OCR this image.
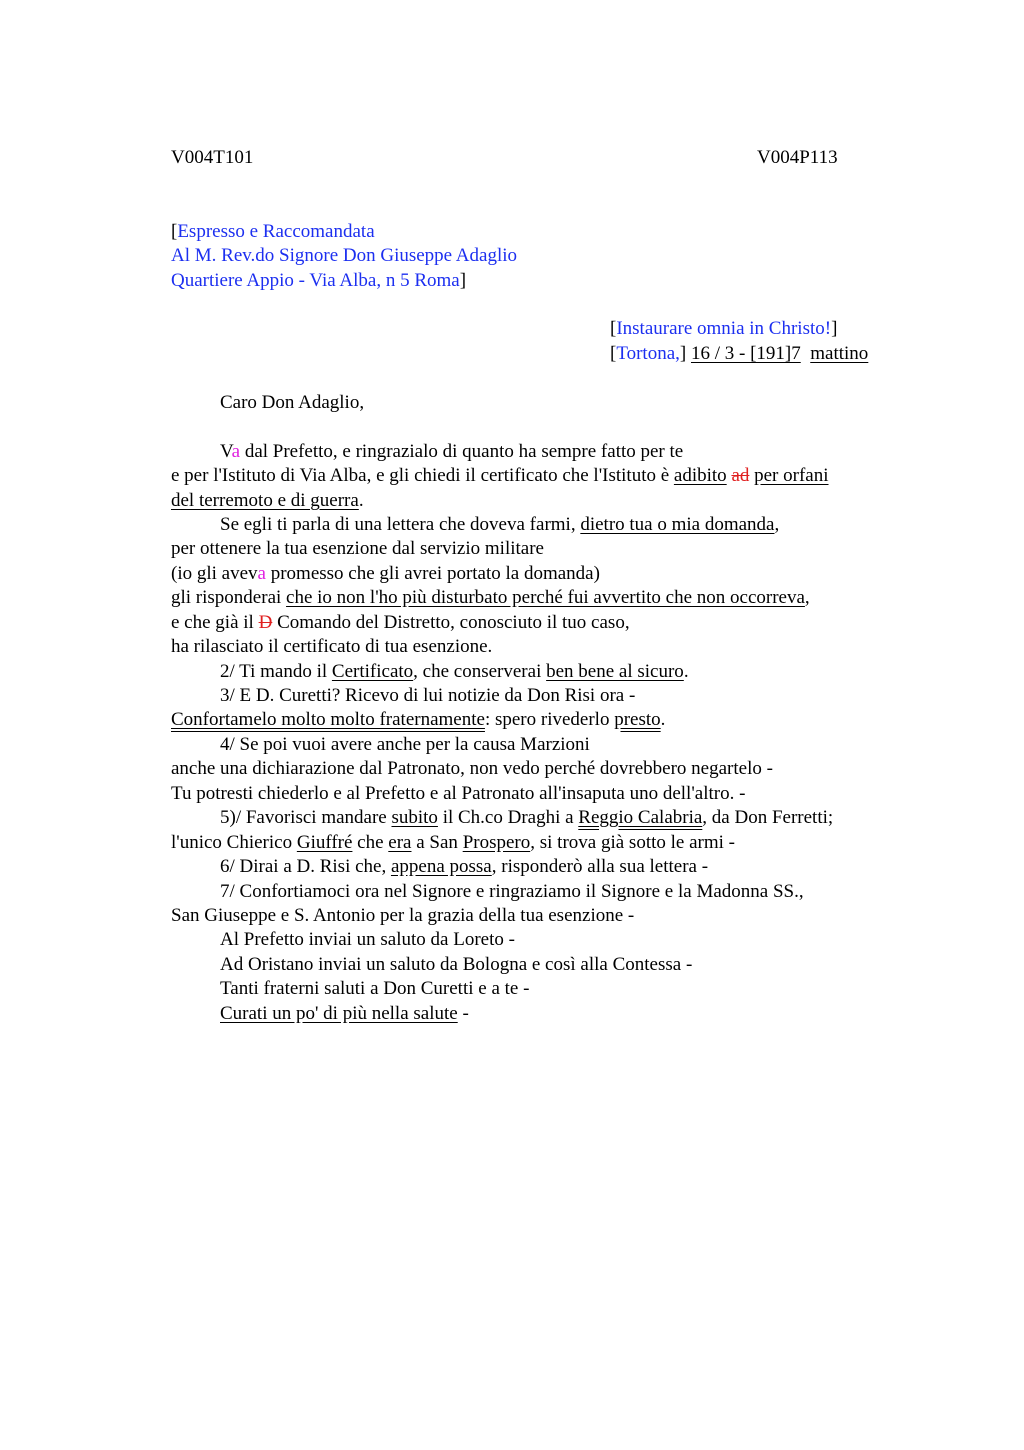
V004T101	V004P113
[Espresso e Raccomandata
Al M. Rev.do Signore Don Giuseppe Adaglio
Quartiere Appio - Via Alba, n 5 Roma]
[Instaurare omnia in Christo!]
[Tortona,] 16 / 3 - [191]7 mattino
Caro Don Adaglio,
Va dal Prefetto, e ringrazialo di quanto ha sempre fatto per te
e per l'Istituto di Via Alba, e gli chiedi il certificato che l'Istituto è adibito ad per orfani
del terremoto e di guerra.
Se egli ti parla di una lettera che doveva farmi, dietro tua o mia domanda,
per ottenere la tua esenzione dal servizio militare
(io gli aveva promesso che gli avrei portato la domanda)
gli risponderai che io non l'ho più disturbato perché fui avvertito che non occorreva,
e che già il D Comando del Distretto, conosciuto il tuo caso,
ha rilasciato il certificato di tua esenzione.
2/ Ti mando il Certificato, che conserverai ben bene al sicuro.
3/ E D. Curetti? Ricevo di lui notizie da Don Risi ora -
Confortamelo molto molto fraternamente: spero rivederlo presto.
4/ Se poi vuoi avere anche per la causa Marzioni
anche una dichiarazione dal Patronato, non vedo perché dovrebbero negartelo -
Tu potresti chiederlo e al Prefetto e al Patronato all'insaputa uno dell'altro. -
5)/ Favorisci mandare subito il Ch.co Draghi a Reggio Calabria, da Don Ferretti;
l'unico Chierico Giuffré che era a San Prospero, si trova già sotto le armi -
6/ Dirai a D. Risi che, appena possa, risponderò alla sua lettera -
7/ Confortiamoci ora nel Signore e ringraziamo il Signore e la Madonna SS.,
San Giuseppe e S. Antonio per la grazia della tua esenzione -
Al Prefetto inviai un saluto da Loreto -
Ad Oristano inviai un saluto da Bologna e così alla Contessa -
Tanti fraterni saluti a Don Curetti e a te -
Curati un po' di più nella salute -
